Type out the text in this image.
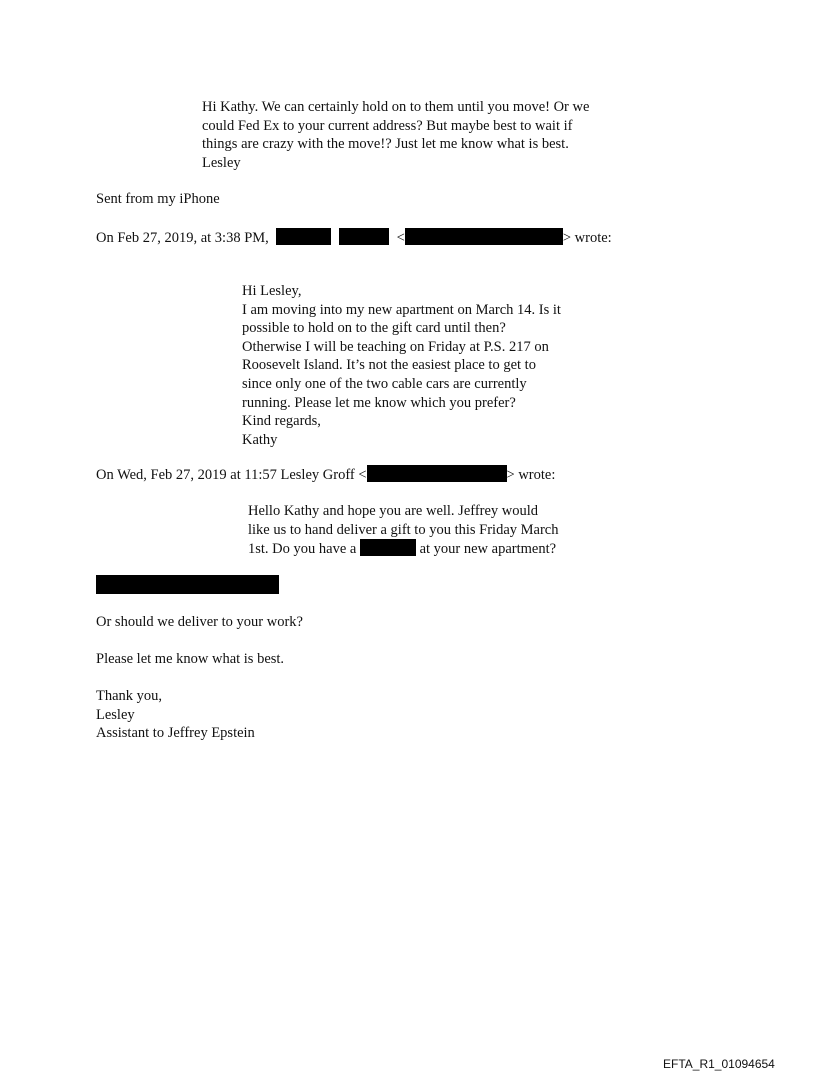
Hi Kathy. We can certainly hold on to them until you move! Or we
could Fed Ex to your current address? But maybe best to wait if
things are crazy with the move!? Just let me know what is best.
Lesley
Sent from my iPhone
On Feb 27, 2019, at 3:38 PM,	<	> wrote:
Hi Lesley,
I am moving into my new apartment on March 14. Is it
possible to hold on to the gift card until then?
Otherwise I will be teaching on Friday at P.S. 217 on
Roosevelt Island. It’s not the easiest place to get to
since only one of the two cable cars are currently
running. Please let me know which you prefer?
Kind regards,
Kathy
On Wed, Feb 27, 2019 at 11:57 Lesley Groff <	> wrote:
Hello Kathy and hope you are well. Jeffrey would
like us to hand deliver a gift to you this Friday March
1st. Do you have a	at your new apartment?
Or should we deliver to your work?
Please let me know what is best.
Thank you,
Lesley
Assistant to Jeffrey Epstein
EFTA_R1_01094654
